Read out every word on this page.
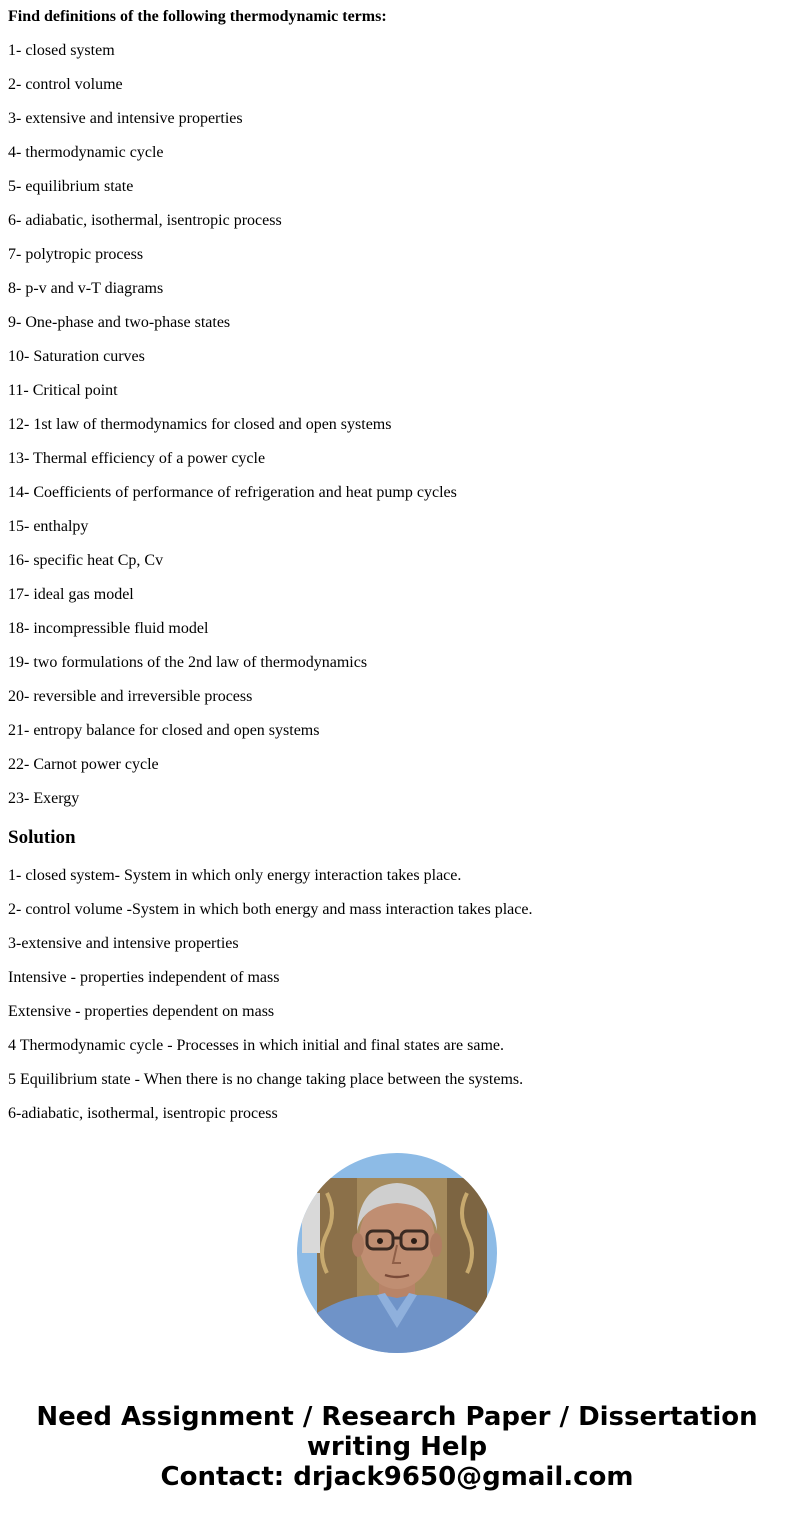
Find definitions of the following thermodynamic terms:

1- closed system
2- control volume
3- extensive and intensive properties
4- thermodynamic cycle
5- equilibrium state
6- adiabatic, isothermal, isentropic process
7- polytropic process
8- p-v and v-T diagrams
9- One-phase and two-phase states
10- Saturation curves
11- Critical point
12- 1st law of thermodynamics for closed and open systems
13- Thermal efficiency of a power cycle
14- Coefficients of performance of refrigeration and heat pump cycles
15- enthalpy
16- specific heat Cp, Cv
17- ideal gas model
18- incompressible fluid model
19- two formulations of the 2nd law of thermodynamics
20- reversible and irreversible process
21- entropy balance for closed and open systems
22- Carnot power cycle
23- Exergy
Solution
1- closed system- System in which only energy interaction takes place.
2- control volume -System in which both energy and mass interaction takes place.
3-extensive and intensive properties
Intensive - properties independent of mass
Extensive - properties dependent on mass
4 Thermodynamic cycle - Processes in which initial and final states are same.
5 Equilibrium state - When there is no change taking place between the systems.
6-adiabatic, isothermal, isentropic process
Need Assignment / Research Paper / Dissertation
writing Help
Contact: drjack9650@gmail.com
